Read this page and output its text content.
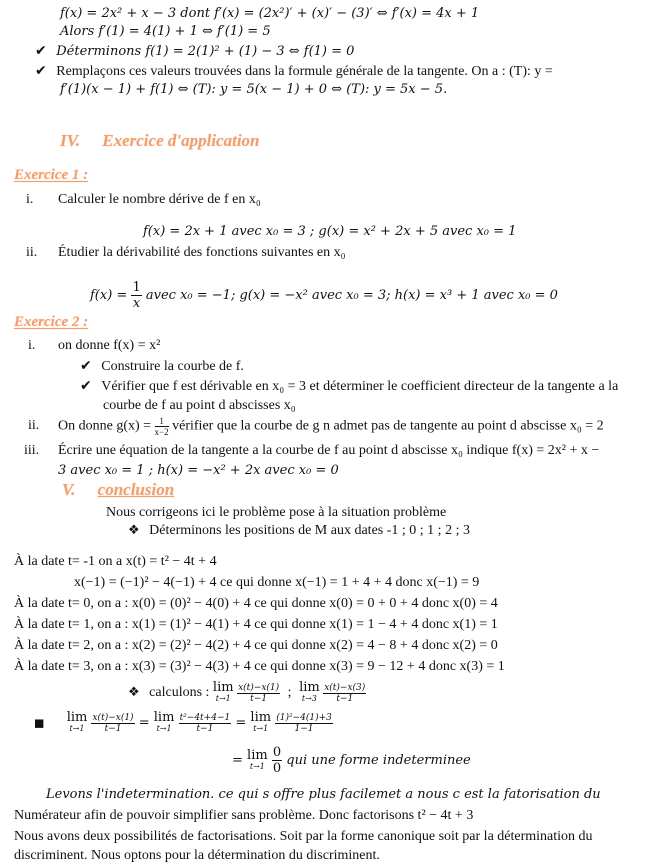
f(x) = 2x² + x − 3 dont f′(x) = (2x²)′ + (x)′ − (3)′ ⇔ f′(x) = 4x + 1
Alors f′(1) = 4(1) + 1 ⇔ f′(1) = 5
✔ Déterminons f(1) = 2(1)² + (1) − 3 ⇔ f(1) = 0
✔ Remplaçons ces valeurs trouvées dans la formule générale de la tangente. On a : (T): y =
f′(1)(x − 1) + f(1) ⇔ (T): y = 5(x − 1) + 0 ⇔ (T): y = 5x − 5.
IV. Exercice d'application
Exercice 1 :
i. Calculer le nombre dérive de f en x₀
f(x) = 2x + 1 avec x₀ = 3 ; g(x) = x² + 2x + 5 avec x₀ = 1
ii. Étudier la dérivabilité des fonctions suivantes en x₀
$f(x) = \frac{1}{x}$ avec x₀ = −1; g(x) = −x² avec x₀ = 3; h(x) = x³ + 1 avec x₀ = 0
Exercice 2 :
i. on donne f(x) = x²
✔ Construire la courbe de f.
✔ Vérifier que f est dérivable en x₀ = 3 et déterminer le coefficient directeur de la tangente a la
courbe de f au point d abscisses x₀
ii. On donne $g(x) = \frac{1}{x-2}$ vérifier que la courbe de g n admet pas de tangente au point d abscisse x₀ = 2
iii. Écrire une équation de la tangente a la courbe de f au point d abscisse x₀ indique f(x) = 2x² + x −
3 avec x₀ = 1 ; h(x) = −x² + 2x avec x₀ = 0
V. conclusion
Nous corrigeons ici le problème pose à la situation problème
❖ Déterminons les positions de M aux dates -1 ; 0 ; 1 ; 2 ; 3
À la date t= -1 on a x(t) = t² − 4t + 4
x(−1) = (−1)² − 4(−1) + 4 ce qui donne x(−1) = 1 + 4 + 4 donc x(−1) = 9
À la date t= 0, on a : x(0) = (0)² − 4(0) + 4 ce qui donne x(0) = 0 + 0 + 4 donc x(0) = 4
À la date t= 1, on a : x(1) = (1)² − 4(1) + 4 ce qui donne x(1) = 1 − 4 + 4 donc x(1) = 1
À la date t= 2, on a : x(2) = (2)² − 4(2) + 4 ce qui donne x(2) = 4 − 8 + 4 donc x(2) = 0
À la date t= 3, on a : x(3) = (3)² − 4(3) + 4 ce qui donne x(3) = 9 − 12 + 4 donc x(3) = 1
❖ calculons : lim
t→1
$\frac{x(t)-x(1)}{t-1}$ ; lim
t→3
$\frac{x(t)-x(3)}{t-1}$
■ lim
t→1
$\frac{x(t)-x(1)}{t-1} = \lim$
t→1
$\frac{\text{t²−4t+4−1}}{t-1} = \lim$
t→1
$\frac{\text{(1)²−4(1)+3}}{1-1}$
= lim
t→1
$\frac{0}{0}$ qui une forme indeterminee
Levons l'indetermination. ce qui s offre plus facilemet a nous c est la fatorisation du
Numérateur afin de pouvoir simplifier sans problème. Donc factorisons t² − 4t + 3
Nous avons deux possibilités de factorisations. Soit par la forme canonique soit par la détermination du
discriminent. Nous optons pour la détermination du discriminent.
